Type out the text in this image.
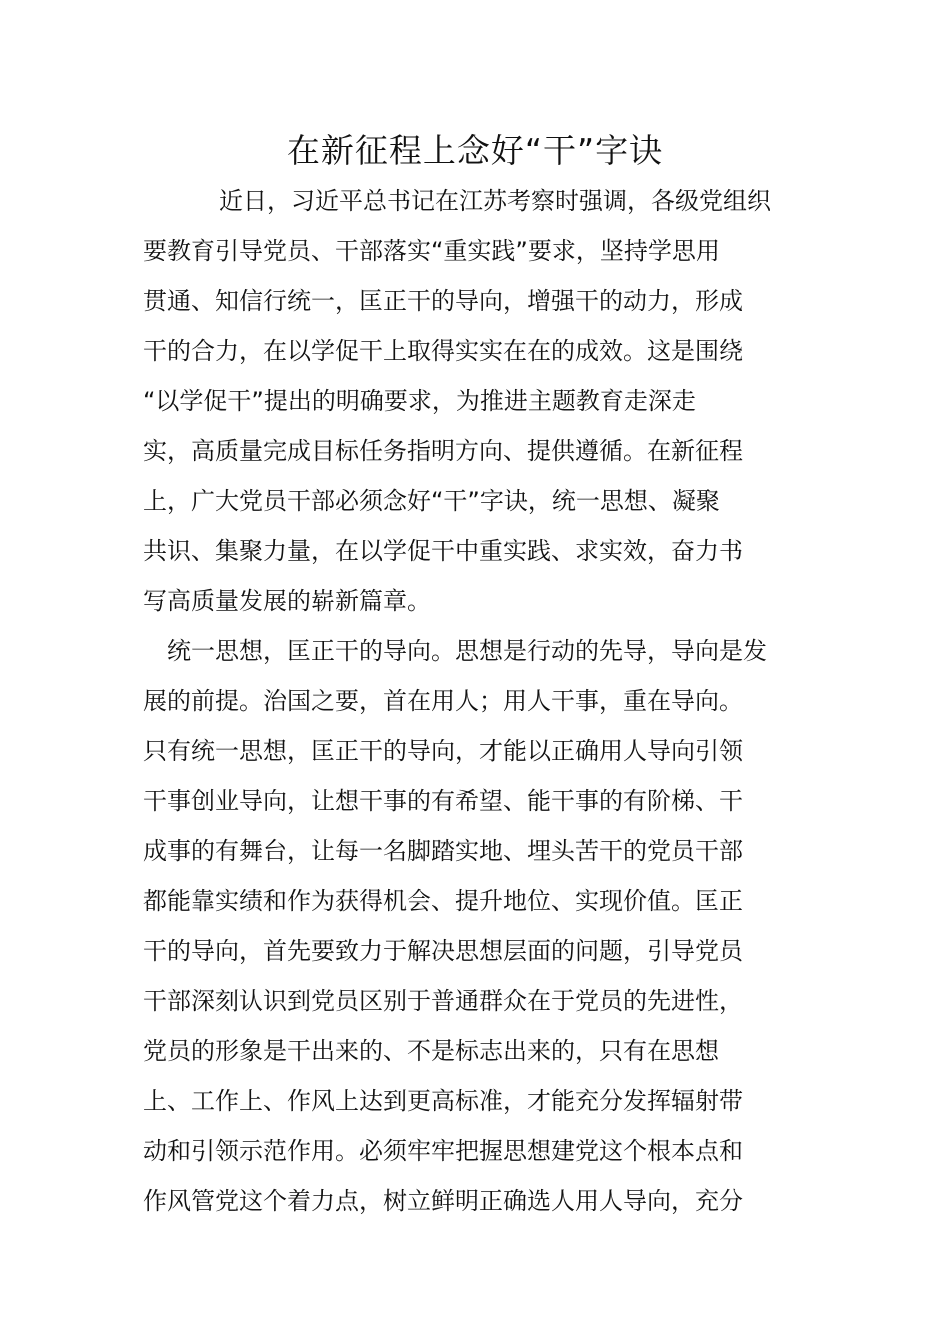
在新征程上念好“干”字诀
近日，习近平总书记在江苏考察时强调，各级党组织
要教育引导党员、干部落实“重实践”要求，坚持学思用
贯通、知信行统一，匡正干的导向，增强干的动力，形成
干的合力，在以学促干上取得实实在在的成效。这是围绕
“以学促干”提出的明确要求，为推进主题教育走深走
实，高质量完成目标任务指明方向、提供遵循。在新征程
上，广大党员干部必须念好“干”字诀，统一思想、凝聚
共识、集聚力量，在以学促干中重实践、求实效，奋力书
写高质量发展的崭新篇章。
统一思想，匡正干的导向。思想是行动的先导，导向是发
展的前提。治国之要，首在用人；用人干事，重在导向。
只有统一思想，匡正干的导向，才能以正确用人导向引领
干事创业导向，让想干事的有希望、能干事的有阶梯、干
成事的有舞台，让每一名脚踏实地、埋头苦干的党员干部
都能靠实绩和作为获得机会、提升地位、实现价值。匡正
干的导向，首先要致力于解决思想层面的问题，引导党员
干部深刻认识到党员区别于普通群众在于党员的先进性，
党员的形象是干出来的、不是标志出来的，只有在思想
上、工作上、作风上达到更高标准，才能充分发挥辐射带
动和引领示范作用。必须牢牢把握思想建党这个根本点和
作风管党这个着力点，树立鲜明正确选人用人导向，充分
